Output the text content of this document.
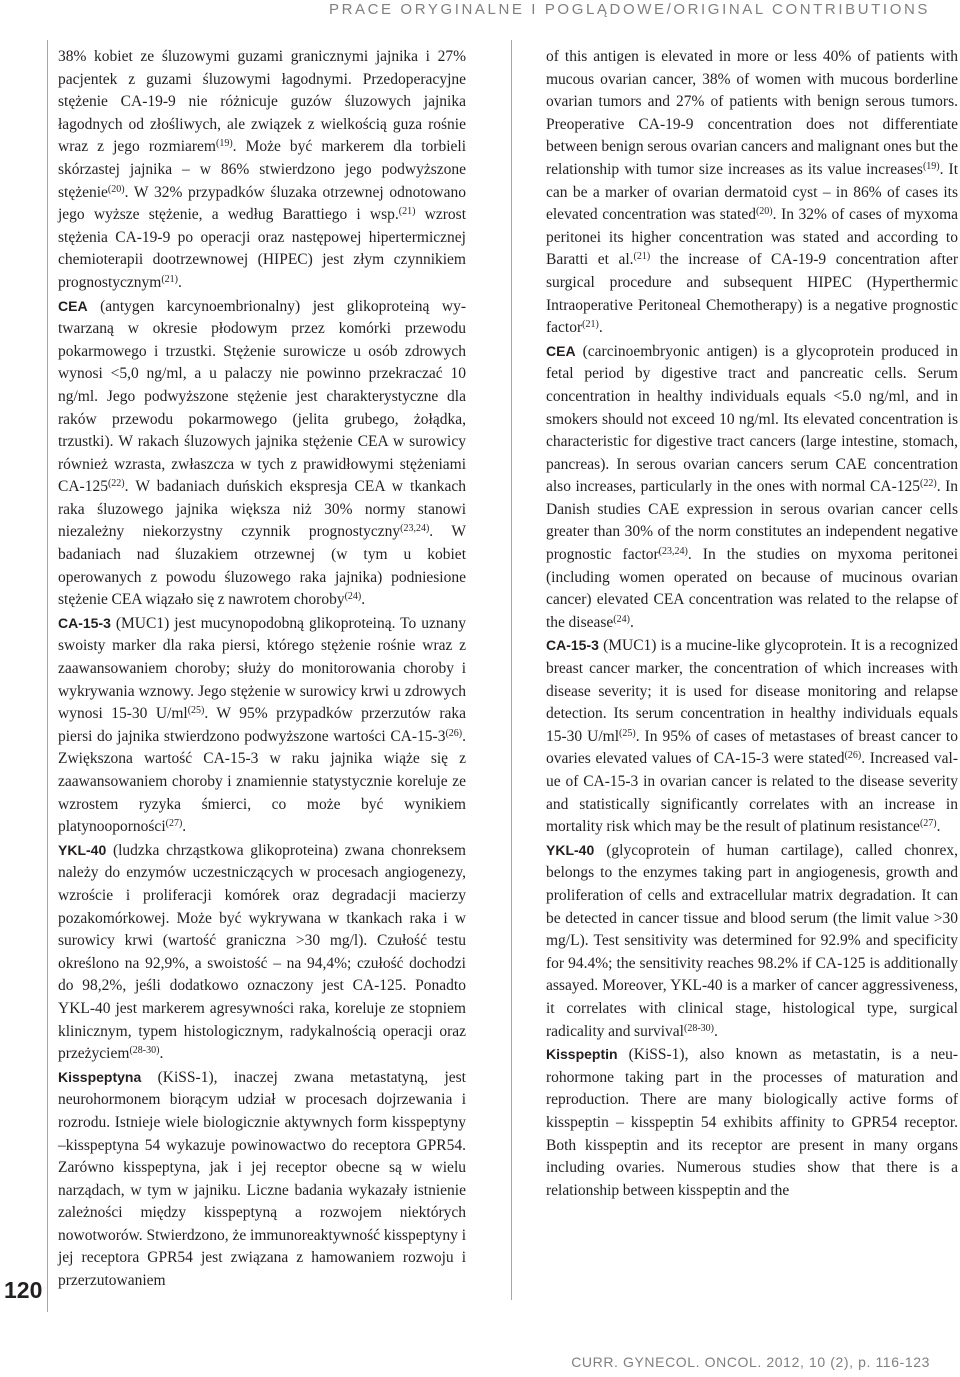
PRACE ORYGINALNE I POGLĄDOWE/ORIGINAL CONTRIBUTIONS
120

38% kobiet ze śluzowymi guzami granicznymi jajnika i 27% pacjentek z guzami śluzowymi łagodnymi. Przedoperacyjne stężenie CA-19-9 nie różnicuje guzów śluzowych jajnika łagodnych od złośliwych, ale związek z wielkością guza rośnie wraz z jego rozmiarem$^{(19)}$. Może być markerem dla torbieli skórzastej jajnika – w 86% stwierdzono jego podwyższone stężenie$^{(20)}$. W 32% przypadków śluzaka otrzewnej odnotowano jego wyższe stężenie, a według Barattiego i wsp.$^{(21)}$ wzrost stężenia CA-19-9 po operacji oraz następowej hipertermicznej chemioterapii dootrzewnowej (HIPEC) jest złym czynnikiem prognostycznym$^{(21)}$.

CEA (antygen karcynoembrionalny) jest glikoproteiną wytwarzaną w okresie płodowym przez komórki przewodu pokarmowego i trzustki. Stężenie surowicze u osób zdrowych wynosi <5,0 ng/ml, a u palaczy nie powinno przekraczać 10 ng/ml. Jego podwyższone stężenie jest charakterystyczne dla raków przewodu pokarmowego (jelita grubego, żołądka, trzustki). W rakach śluzowych jajnika stężenie CEA w surowicy również wzrasta, zwłaszcza w tych z prawidłowymi stężeniami CA-125$^{(22)}$. W badaniach duńskich ekspresja CEA w tkankach raka śluzowego jajnika większa niż 30% normy stanowi niezależny niekorzystny czynnik prognostyczny$^{(23,24)}$. W badaniach nad śluzakiem otrzewnej (w tym u kobiet operowanych z powodu śluzowego raka jajnika) podniesione stężenie CEA wiązało się z nawrotem choroby$^{(24)}$.

CA-15-3 (MUC1) jest mucynopodobną glikoproteiną. To uznany swoisty marker dla raka piersi, którego stężenie rośnie wraz z zaawansowaniem choroby; służy do monitorowania choroby i wykrywania wznowy. Jego stężenie w surowicy krwi u zdrowych wynosi 15-30 $U/ml^{(25)}$. W 95% przypadków przerzutów raka piersi do jajnika stwierdzono podwyższone wartości CA-15-3$^{(26)}$. Zwiększona wartość CA-15-3 w raku jajnika wiąże się z zaawansowaniem choroby i znamiennie statystycznie koreluje ze wzrostem ryzyka śmierci, co może być wynikiem platynooporności$^{(27)}$.

YKL-40 (ludzka chrząstkowa glikoproteina) zwana chonreksem należy do enzymów uczestniczących w procesach angiogenezy, wzroście i proliferacji komórek oraz degradacji macierzy pozakomórkowej. Może być wykrywana w tkankach raka i w surowicy krwi (wartość graniczna >30 mg/l). Czułość testu określono na 92,9%, a swoistość – na 94,4%; czułość dochodzi do 98,2%, jeśli dodatkowo oznaczony jest CA-125. Ponadto YKL-40 jest markerem agresywności raka, koreluje ze stopniem klinicznym, typem histologicznym, radykalnością operacji oraz przeżyciem$^{(28-30)}$.

Kisspeptyna (KiSS-1), inaczej zwana metastatyną, jest neurohormonem biorącym udział w procesach dojrzewania i rozrodu. Istnieje wiele biologicznie aktywnych form kisspeptyny –kisspeptyna 54 wykazuje powinowactwo do receptora GPR54. Zarówno kisspeptyna, jak i jej receptor obecne są w wielu narządach, w tym w jajniku. Liczne badania wykazały istnienie zależności między kisspeptyną a rozwojem niektórych nowotworów. Stwierdzono, że immunoreaktywność kisspeptyny i jej receptora GPR54 jest związana z hamowaniem rozwoju i przerzutowaniem

of this antigen is elevated in more or less 40% of patients with mucous ovarian cancer, 38% of women with mucous borderline ovarian tumors and 27% of patients with benign serous tumors. Preoperative CA-19-9 concentration does not differentiate between benign serous ovarian cancers and malignant ones but the relationship with tumor size increases as its value increases$^{(19)}$. It can be a marker of ovarian dermatoid cyst – in 86% of cases its elevated concentration was stated$^{(20)}$. In 32% of cases of myxoma peritonei its higher concentration was stated and according to Baratti et al.$^{(21)}$ the increase of CA-19-9 concentration after surgical procedure and subsequent HIPEC (Hyperthermic Intraoperative Peritoneal Chemotherapy) is a negative prognostic factor$^{(21)}$.

CEA (carcinoembryonic antigen) is a glycoprotein produced in fetal period by digestive tract and pancreatic cells. Serum concentration in healthy individuals equals <5.0 ng/ml, and in smokers should not exceed 10 ng/ml. Its elevated concentration is characteristic for digestive tract cancers (large intestine, stomach, pancreas). In serous ovarian cancers serum CAE concentration also increases, particularly in the ones with normal CA-125$^{(22)}$. In Danish studies CAE expression in serous ovarian cancer cells greater than 30% of the norm constitutes an independent negative prognostic factor$^{(23,24)}$. In the studies on myxoma peritonei (including women operated on because of mucinous ovarian cancer) elevated CEA concentration was related to the relapse of the disease$^{(24)}$.

CA-15-3 (MUC1) is a mucine-like glycoprotein. It is a recognized breast cancer marker, the concentration of which increases with disease severity; it is used for disease monitoring and relapse detection. Its serum concentration in healthy individuals equals 15-30 $U/ml^{(25)}$. In 95% of cases of metastases of breast cancer to ovaries elevated values of CA-15-3 were stated$^{(26)}$. Increased value of CA-15-3 in ovarian cancer is related to the disease severity and statistically significantly correlates with an increase in mortality risk which may be the result of platinum resistance$^{(27)}$.

YKL-40 (glycoprotein of human cartilage), called chonrex, belongs to the enzymes taking part in angiogenesis, growth and proliferation of cells and extracellular matrix degradation. It can be detected in cancer tissue and blood serum (the limit value >30 mg/L). Test sensitivity was determined for 92.9% and specificity for 94.4%; the sensitivity reaches 98.2% if CA-125 is additionally assayed. Moreover, YKL-40 is a marker of cancer aggressiveness, it correlates with clinical stage, histological type, surgical radicality and survival$^{(28-30)}$.

Kisspeptin (KiSS-1), also known as metastatin, is a neurohormone taking part in the processes of maturation and reproduction. There are many biologically active forms of kisspeptin – kisspeptin 54 exhibits affinity to GPR54 receptor. Both kisspeptin and its receptor are present in many organs including ovaries. Numerous studies show that there is a relationship between kisspeptin and the

CURR. GYNECOL. ONCOL. 2012, 10 (2), p. 116-123
